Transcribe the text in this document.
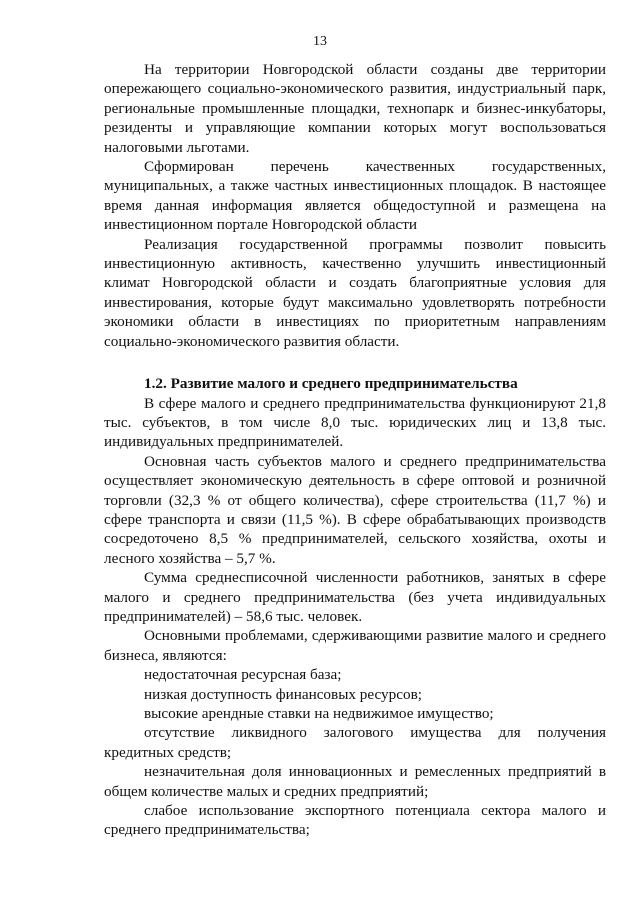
13

На территории Новгородской области созданы две территории опережающего социально-экономического развития, индустриальный парк, региональные промышленные площадки, технопарк и бизнес-инкубаторы, резиденты и управляющие компании которых могут воспользоваться налоговыми льготами.

Сформирован перечень качественных государственных, муниципальных, а также частных инвестиционных площадок. В настоящее время данная информация является общедоступной и размещена на инвестиционном портале Новгородской области

Реализация государственной программы позволит повысить инвестиционную активность, качественно улучшить инвестиционный климат Новгородской области и создать благоприятные условия для инвестирования, которые будут максимально удовлетворять потребности экономики области в инвестициях по приоритетным направлениям социально-экономического развития области.

1.2. Развитие малого и среднего предпринимательства

В сфере малого и среднего предпринимательства функционируют 21,8 тыс. субъектов, в том числе 8,0 тыс. юридических лиц и 13,8 тыс. индивидуальных предпринимателей.

Основная часть субъектов малого и среднего предпринимательства осуществляет экономическую деятельность в сфере оптовой и розничной торговли (32,3 % от общего количества), сфере строительства (11,7 %) и сфере транспорта и связи (11,5 %). В сфере обрабатывающих производств сосредоточено 8,5 % предпринимателей, сельского хозяйства, охоты и лесного хозяйства – 5,7 %.

Сумма среднесписочной численности работников, занятых в сфере малого и среднего предпринимательства (без учета индивидуальных предпринимателей) – 58,6 тыс. человек.

Основными проблемами, сдерживающими развитие малого и среднего бизнеса, являются:

недостаточная ресурсная база;

низкая доступность финансовых ресурсов;

высокие арендные ставки на недвижимое имущество;

отсутствие ликвидного залогового имущества для получения кредитных средств;

незначительная доля инновационных и ремесленных предприятий в общем количестве малых и средних предприятий;

слабое использование экспортного потенциала сектора малого и среднего предпринимательства;
